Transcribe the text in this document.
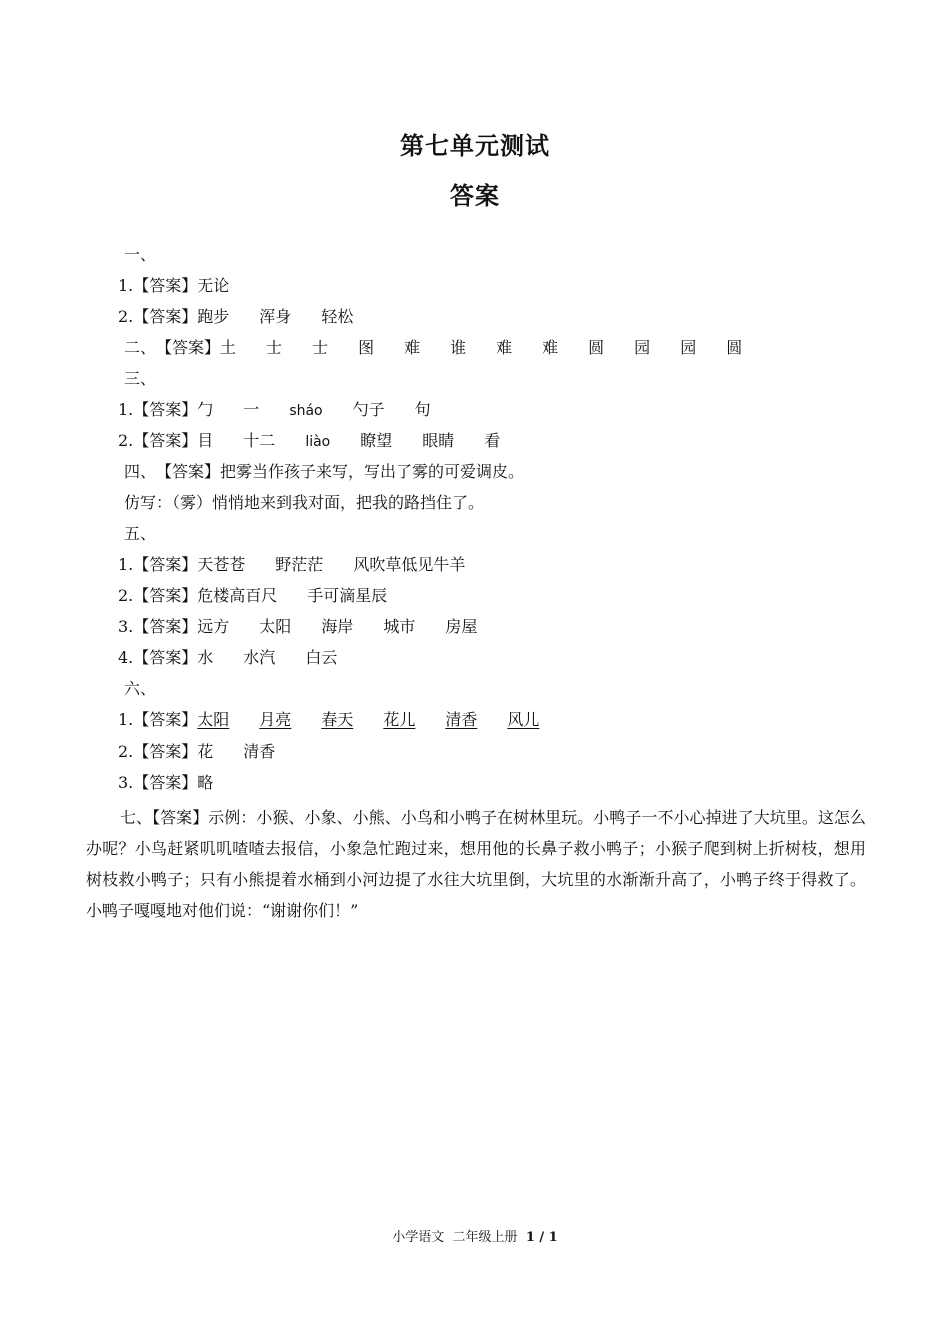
第七单元测试
答案
一、
1.【答案】无论
2.【答案】跑步 浑身 轻松
二、【答案】土 士 士 图 难 谁 难 难 圆 园 园 圆
三、
1.【答案】勹 一 sháo 勺子 句
2.【答案】目 十二 liào 瞭望 眼睛 看
四、【答案】把雾当作孩子来写，写出了雾的可爱调皮。
仿写：（雾）悄悄地来到我对面，把我的路挡住了。
五、
1.【答案】天苍苍 野茫茫 风吹草低见牛羊
2.【答案】危楼高百尺 手可滴星辰
3.【答案】远方 太阳 海岸 城市 房屋
4.【答案】水 水汽 白云
六、
1.【答案】太阳 月亮 春天 花儿 清香 风儿
2.【答案】花 清香
3.【答案】略
七、【答案】示例：小猴、小象、小熊、小鸟和小鸭子在树林里玩。小鸭子一不小心掉进了大坑里。这怎么办呢？小鸟赶紧叽叽喳喳去报信，小象急忙跑过来，想用他的长鼻子救小鸭子；小猴子爬到树上折树枝，想用树枝救小鸭子；只有小熊提着水桶到小河边提了水往大坑里倒，大坑里的水渐渐升高了，小鸭子终于得救了。小鸭子嘎嘎地对他们说：“谢谢你们！”
小学语文 二年级上册 1 / 1
